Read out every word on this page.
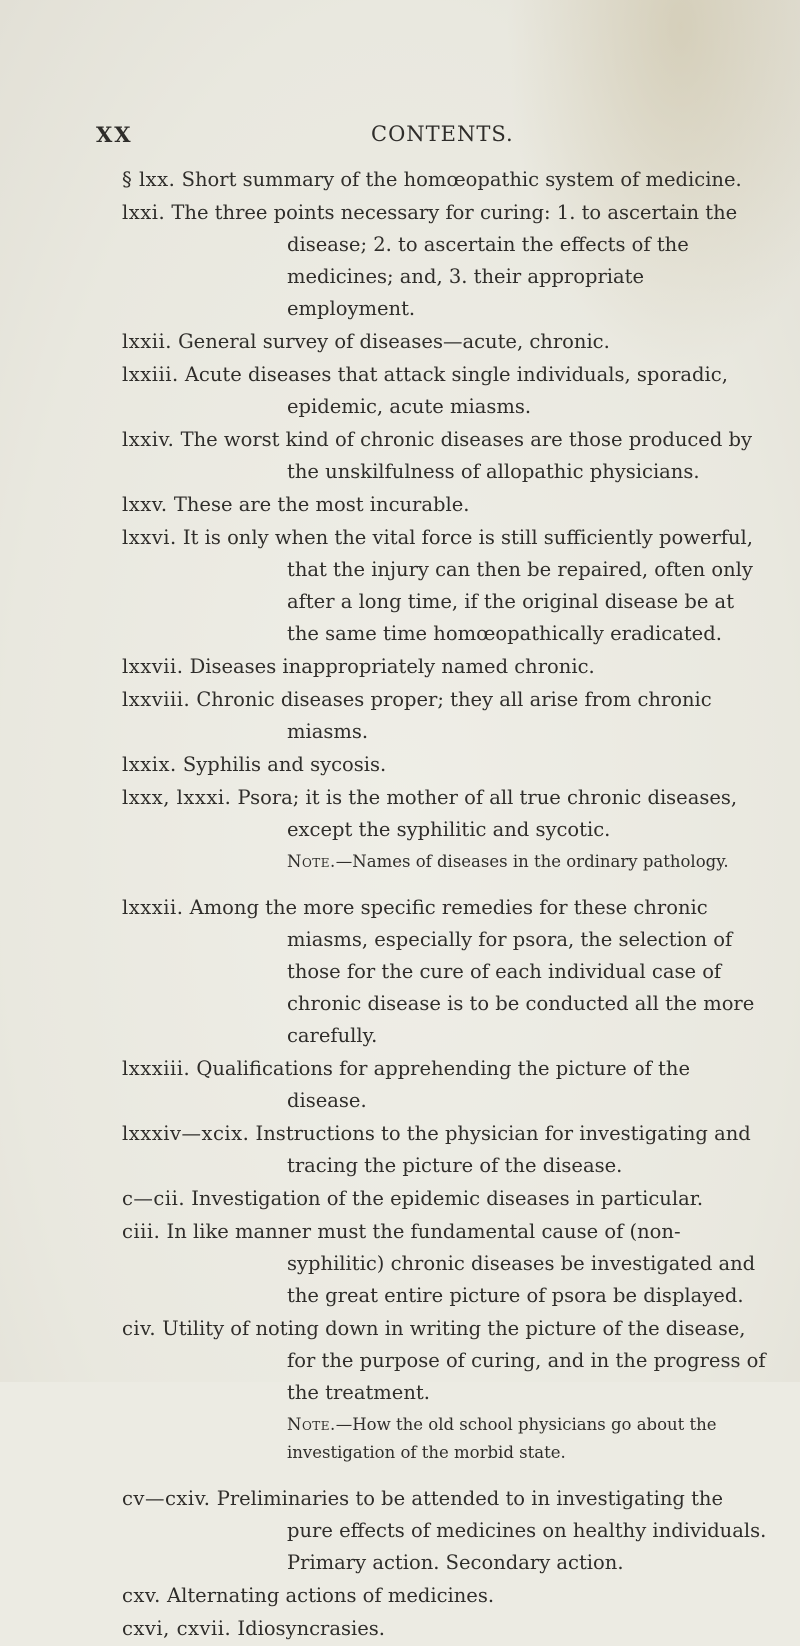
XX	CONTENTS.
§ lxx. Short summary of the homœopathic system of medicine.
lxxi. The three points necessary for curing: 1. to ascertain the disease; 2. to ascertain the effects of the medicines; and, 3. their appropriate employment.
lxxii. General survey of diseases—acute, chronic.
lxxiii. Acute diseases that attack single individuals, sporadic, epidemic, acute miasms.
lxxiv. The worst kind of chronic diseases are those produced by the unskilfulness of allopathic physicians.
lxxv. These are the most incurable.
lxxvi. It is only when the vital force is still sufficiently powerful, that the injury can then be repaired, often only after a long time, if the original disease be at the same time homœopathically eradicated.
lxxvii. Diseases inappropriately named chronic.
lxxviii. Chronic diseases proper; they all arise from chronic miasms.
lxxix. Syphilis and sycosis.
lxxx, lxxxi. Psora; it is the mother of all true chronic diseases, except the syphilitic and sycotic.
Note.—Names of diseases in the ordinary pathology.
lxxxii. Among the more specific remedies for these chronic miasms, especially for psora, the selection of those for the cure of each individual case of chronic disease is to be conducted all the more carefully.
lxxxiii. Qualifications for apprehending the picture of the disease.
lxxxiv—xcix. Instructions to the physician for investigating and tracing the picture of the disease.
c—cii. Investigation of the epidemic diseases in particular.
ciii. In like manner must the fundamental cause of (non-syphilitic) chronic diseases be investigated and the great entire picture of psora be displayed.
civ. Utility of noting down in writing the picture of the disease, for the purpose of curing, and in the progress of the treatment.
Note.—How the old school physicians go about the investigation of the morbid state.
cv—cxiv. Preliminaries to be attended to in investigating the pure effects of medicines on healthy individuals. Primary action. Secondary action.
cxv. Alternating actions of medicines.
cxvi, cxvii. Idiosyncrasies.
